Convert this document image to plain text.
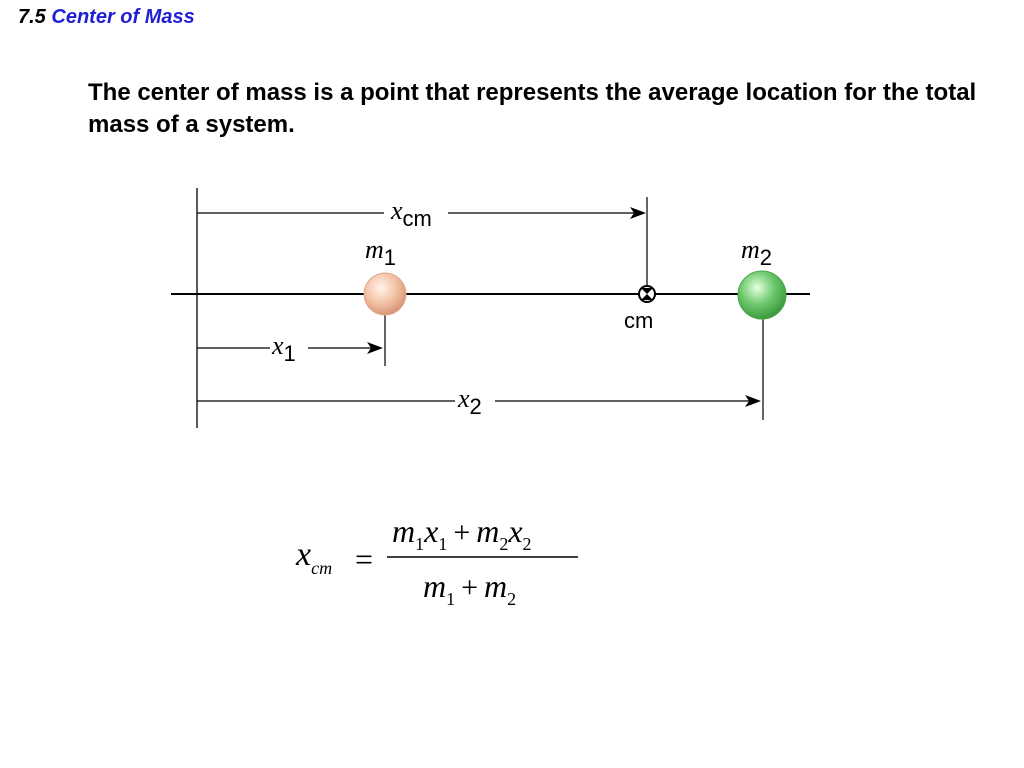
7.5 Center of Mass
The center of mass is a point that represents the average location for the total mass of a system.
xcm
m1	m2
cm
x1
x2
xcm =
m1x1 + m2x2
m1 + m2
